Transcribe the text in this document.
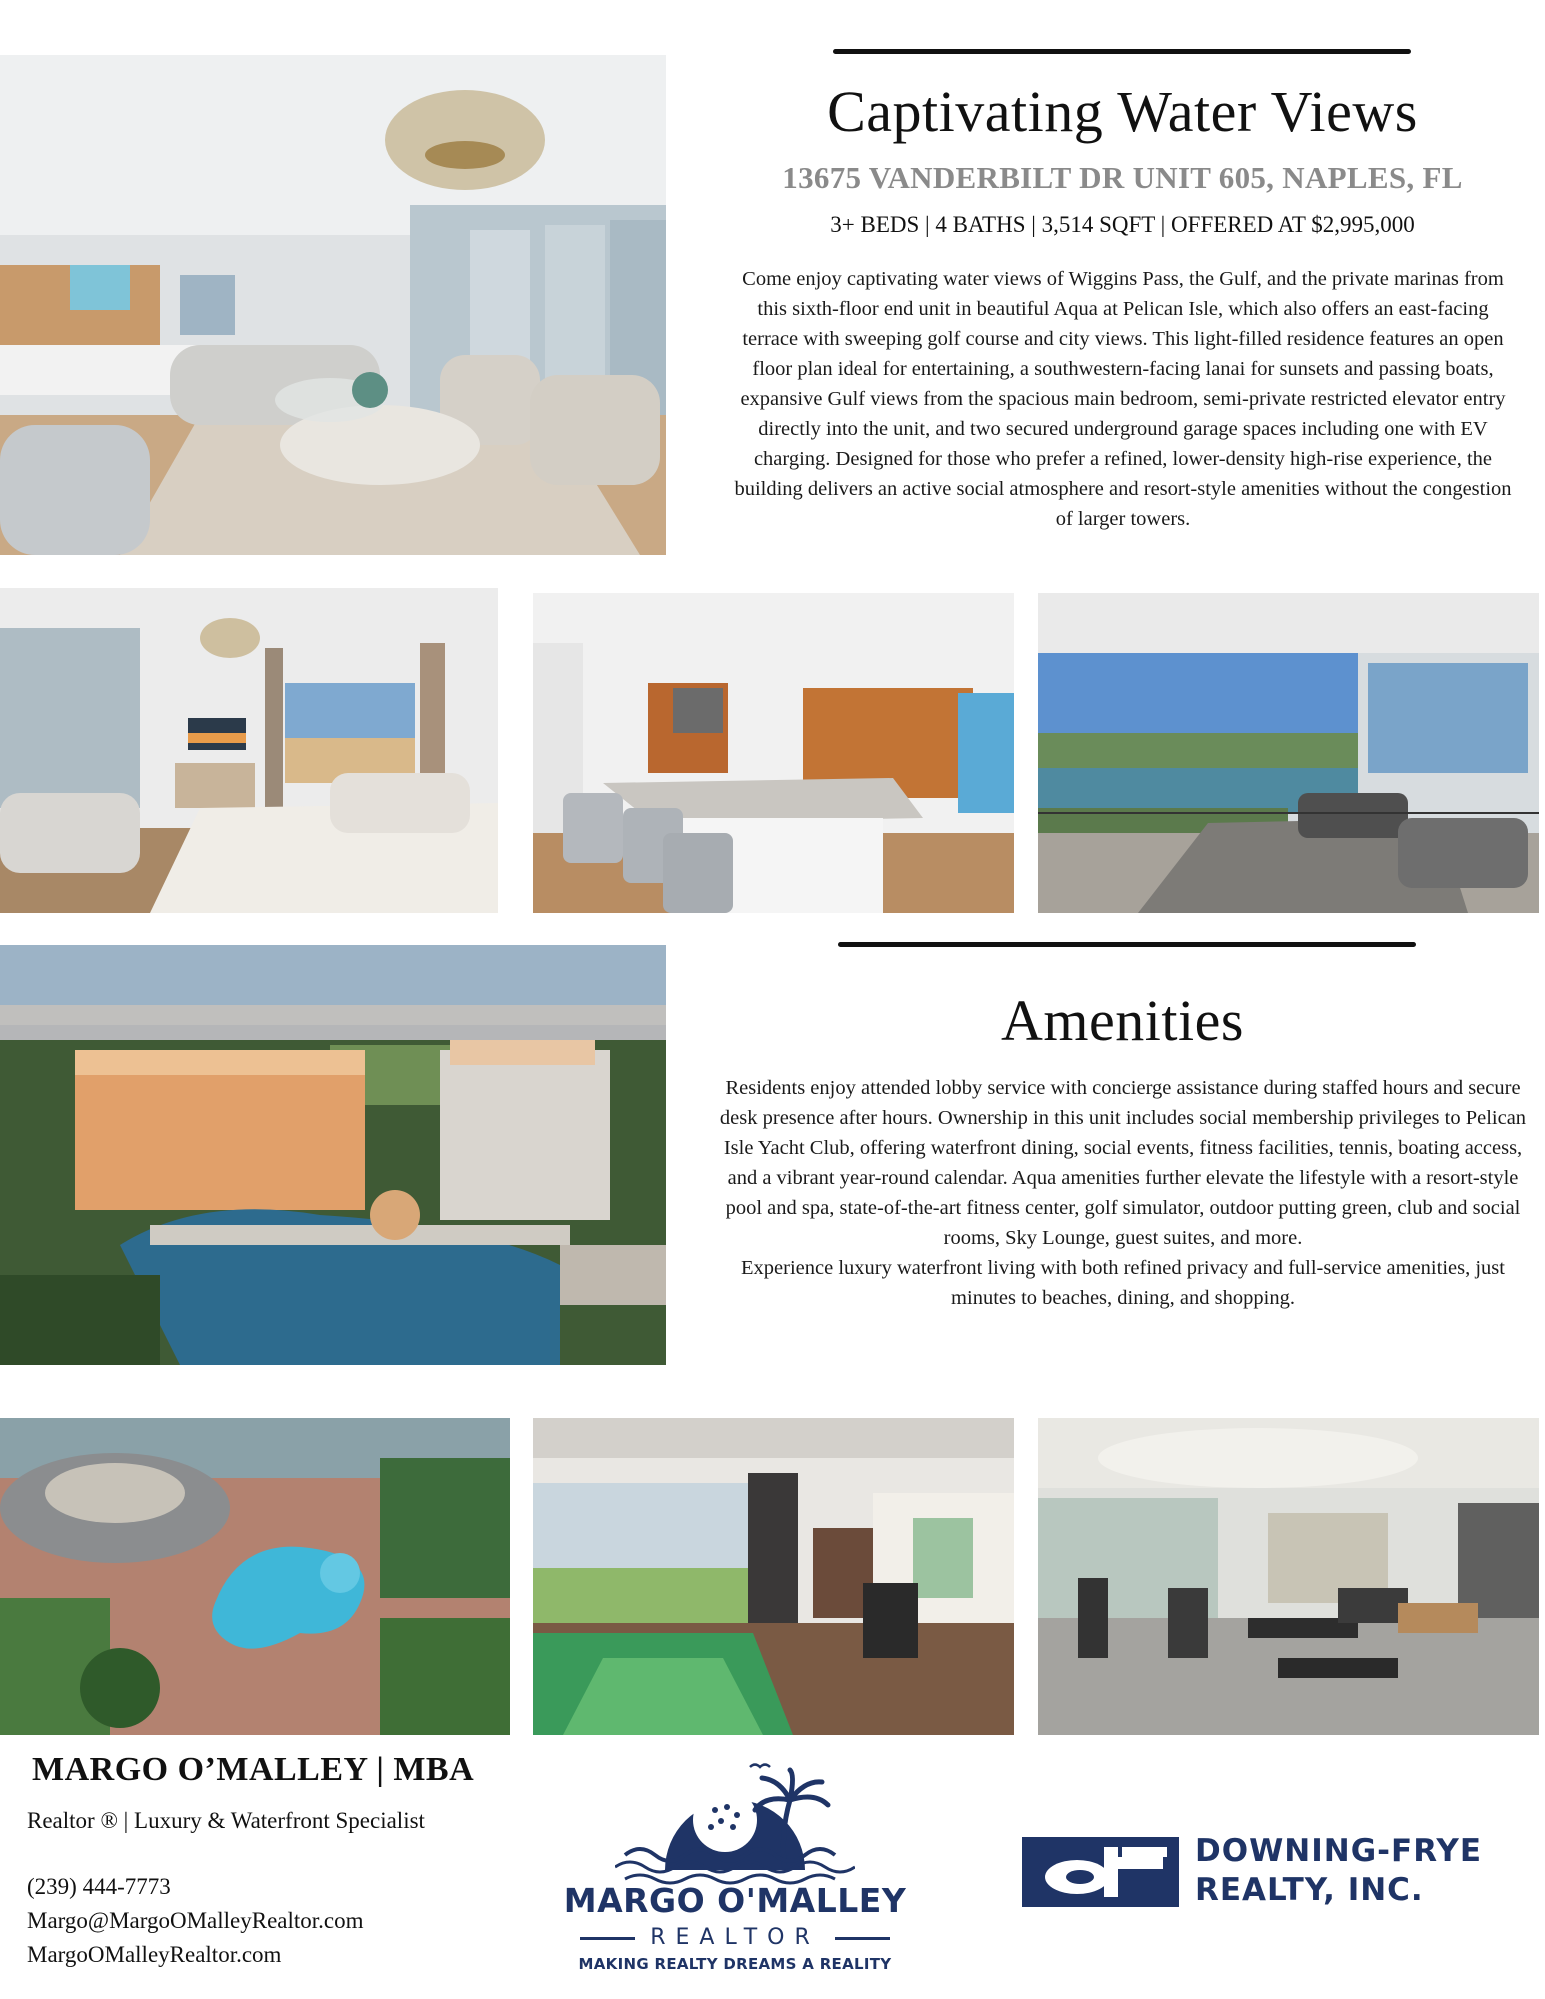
Captivating Water Views
13675 VANDERBILT DR UNIT 605, NAPLES, FL
3+ BEDS | 4 BATHS | 3,514 SQFT | OFFERED AT $2,995,000

Come enjoy captivating water views of Wiggins Pass, the Gulf, and the private marinas from this sixth-floor end unit in beautiful Aqua at Pelican Isle, which also offers an east-facing terrace with sweeping golf course and city views. This light-filled residence features an open floor plan ideal for entertaining, a southwestern-facing lanai for sunsets and passing boats, expansive Gulf views from the spacious main bedroom, semi-private restricted elevator entry directly into the unit, and two secured underground garage spaces including one with EV charging. Designed for those who prefer a refined, lower-density high-rise experience, the building delivers an active social atmosphere and resort-style amenities without the congestion of larger towers.

Amenities

Residents enjoy attended lobby service with concierge assistance during staffed hours and secure desk presence after hours. Ownership in this unit includes social membership privileges to Pelican Isle Yacht Club, offering waterfront dining, social events, fitness facilities, tennis, boating access, and a vibrant year-round calendar. Aqua amenities further elevate the lifestyle with a resort-style pool and spa, state-of-the-art fitness center, golf simulator, outdoor putting green, club and social rooms, Sky Lounge, guest suites, and more.

Experience luxury waterfront living with both refined privacy and full-service amenities, just minutes to beaches, dining, and shopping.

MARGO O’MALLEY | MBA
Realtor ® | Luxury & Waterfront Specialist
(239) 444-7773
Margo@MargoOMalleyRealtor.com
MargoOMalleyRealtor.com
MARGO O'MALLEY
REALTOR
MAKING REALTY DREAMS A REALITY
DOWNING-FRYE
REALTY, INC.
